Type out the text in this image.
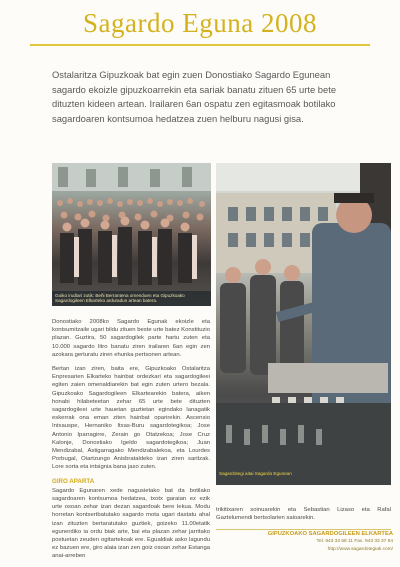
Sagardo Eguna 2008
Ostalaritza Gipuzkoak bat egin zuen Donostiako Sagardo Egunean sagardo ekoizle gipuzkoarrekin eta sariak banatu zituen 65 urte bete dituzten kideen artean. Irailaren 6an ospatu zen egitasmoak botilako sagardoaren kontsumoa hedatzea zuen helburu nagusi gisa.
Goiko irudiari zutik: Beñi Berrantena omenduen eta Gipuzkoako Sagardogileen Elkarteko arduradun artean batera.
Sagardotegi aitai Sagardo Egunean

Donostiako 2008ko Sagardo Egunak ekoizle eta kontsumitzaile ugari bildu zituen beste urte batez Konstituzio plazan. Guztira, 50 sagardogilek parte hartu zuten eta 10.000 sagardo litro banatu ziren irailaren 6an egin zen azokara gerturatu ziren ehunka pertsonen artean.

Bertan izan ziren, baita ere, Gipuzkoako Ostalaritza Enpresarien Elkarteko hainbat ordezkari eta sagardogileei egiten zaien omenaldiarekin bat egin zuten urtero bezala. Gipuzkoako Sagardogileen Elkartearekin batera, aiken honabi hilabeteetan zehar 65 urte bete dituzten sagardogileei urte hauetan guztietan egindako lanagatik eskerrak ona eman ziten hainbat oparirekin. Ascensio Intxauspe, Hernaniko Itxas-Buru sagardotegikoa; Jose Antonio Iparragirre, Zerain go Otatzekoa; Jose Cruz Kalonje, Donostiako Igeldo sagardotegikoa; Juan Mendizabal, Astigarragako Mendizabalekoa, eta Lourdes Porbugal, Oiartzungo Anisbrataldeko izan ziren saritzak. Lore sorta eta intsignia bana jaso zuten.

GIRO APARTA

Sagardo Egunaren xede nagusietako bat da botilako sagardoaren kontsumoa hedatzea, txotx garaian ez ezik urte osoan zehar izan dezan sagardoak bere lekua. Modu horretan kontsertbatutako sagardo mota ugari dastatu ahal izan zituzten bertaratutako guztiek, goizeko 11.00etatik egunerdiko ia ordu biak arte, bai eta plazan zehar jarritako postuetan zeuden ogitartekoak ere. Egualdiak asko lagundu ez bazuen ere, giro alaia izan zen goiz osoan zehar Estanga anai-arreben

trikitixaren soinuarekin eta Sebastian Lizaso eta Rafal Gaztelumendi bertsolarien saioarekin.

GIPUZKOAKO SAGARDOGILEEN ELKARTEA
Tel. 943 33 68 11 Fax. 943 33 37 94
http://www.sagardotegiak.com/
